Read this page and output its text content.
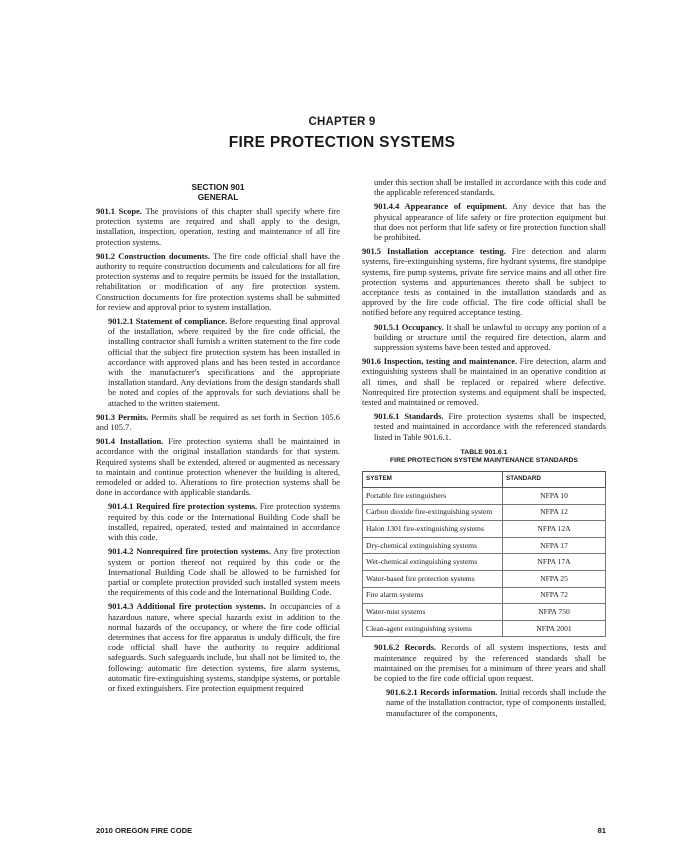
CHAPTER 9
FIRE PROTECTION SYSTEMS
SECTION 901
GENERAL

901.1 Scope. The provisions of this chapter shall specify where fire protection systems are required and shall apply to the design, installation, inspection, operation, testing and maintenance of all fire protection systems.

901.2 Construction documents. The fire code official shall have the authority to require construction documents and calculations for all fire protection systems and to require permits be issued for the installation, rehabilitation or modification of any fire protection system. Construction documents for fire protection systems shall be submitted for review and approval prior to system installation.

901.2.1 Statement of compliance. Before requesting final approval of the installation, where required by the fire code official, the installing contractor shall furnish a written statement to the fire code official that the subject fire protection system has been installed in accordance with approved plans and has been tested in accordance with the manufacturer's specifications and the appropriate installation standard. Any deviations from the design standards shall be noted and copies of the approvals for such deviations shall be attached to the written statement.

901.3 Permits. Permits shall be required as set forth in Section 105.6 and 105.7.

901.4 Installation. Fire protection systems shall be maintained in accordance with the original installation standards for that system. Required systems shall be extended, altered or augmented as necessary to maintain and continue protection whenever the building is altered, remodeled or added to. Alterations to fire protection systems shall be done in accordance with applicable standards.

901.4.1 Required fire protection systems. Fire protection systems required by this code or the International Building Code shall be installed, repaired, operated, tested and maintained in accordance with this code.

901.4.2 Nonrequired fire protection systems. Any fire protection system or portion thereof not required by this code or the International Building Code shall be allowed to be furnished for partial or complete protection provided such installed system meets the requirements of this code and the International Building Code.

901.4.3 Additional fire protection systems. In occupancies of a hazardous nature, where special hazards exist in addition to the normal hazards of the occupancy, or where the fire code official determines that access for fire apparatus is unduly difficult, the fire code official shall have the authority to require additional safeguards. Such safeguards include, but shall not be limited to, the following: automatic fire detection systems, fire alarm systems, automatic fire-extinguishing systems, standpipe systems, or portable or fixed extinguishers. Fire protection equipment required

under this section shall be installed in accordance with this code and the applicable referenced standards.

901.4.4 Appearance of equipment. Any device that has the physical appearance of life safety or fire protection equipment but that does not perform that life safety or fire protection function shall be prohibited.

901.5 Installation acceptance testing. Fire detection and alarm systems, fire-extinguishing systems, fire hydrant systems, fire standpipe systems, fire pump systems, private fire service mains and all other fire protection systems and appurtenances thereto shall be subject to acceptance tests as contained in the installation standards and as approved by the fire code official. The fire code official shall be notified before any required acceptance testing.

901.5.1 Occupancy. It shall be unlawful to occupy any portion of a building or structure until the required fire detection, alarm and suppression systems have been tested and approved.

901.6 Inspection, testing and maintenance. Fire detection, alarm and extinguishing systems shall be maintained in an operative condition at all times, and shall be replaced or repaired where defective. Nonrequired fire protection systems and equipment shall be inspected, tested and maintained or removed.

901.6.1 Standards. Fire protection systems shall be inspected, tested and maintained in accordance with the referenced standards listed in Table 901.6.1.

TABLE 901.6.1
FIRE PROTECTION SYSTEM MAINTENANCE STANDARDS
SYSTEM	STANDARD
Portable fire extinguishers	NFPA 10
Carbon dioxide fire-extinguishing system	NFPA 12
Halon 1301 fire-extinguishing systems	NFPA 12A
Dry-chemical extinguishing systems	NFPA 17
Wet-chemical extinguishing systems	NFPA 17A
Water-based fire protection systems	NFPA 25
Fire alarm systems	NFPA 72
Water-mist systems	NFPA 750
Clean-agent extinguishing systems	NFPA 2001

901.6.2 Records. Records of all system inspections, tests and maintenance required by the referenced standards shall be maintained on the premises for a minimum of three years and shall be copied to the fire code official upon request.

901.6.2.1 Records information. Initial records shall include the name of the installation contractor, type of components installed, manufacturer of the components,

2010 OREGON FIRE CODE	81
